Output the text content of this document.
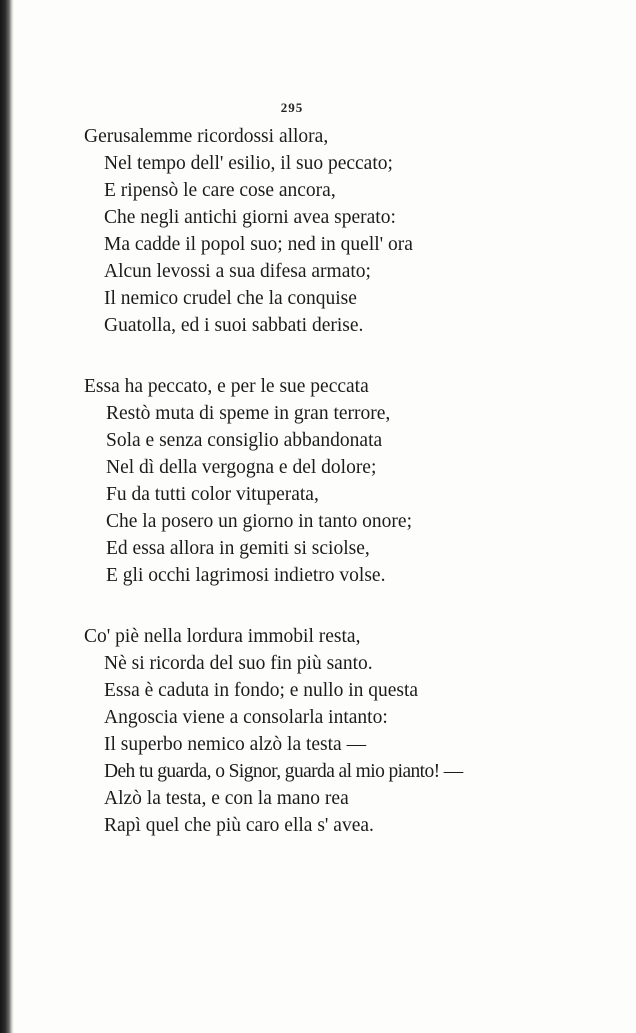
295
Gerusalemme ricordossi allora,
Nel tempo dell' esilio, il suo peccato;
E ripensò le care cose ancora,
Che negli antichi giorni avea sperato:
Ma cadde il popol suo; ned in quell' ora
Alcun levossi a sua difesa armato;
Il nemico crudel che la conquise
Guatolla, ed i suoi sabbati derise.
Essa ha peccato, e per le sue peccata
Restò muta di speme in gran terrore,
Sola e senza consiglio abbandonata
Nel dì della vergogna e del dolore;
Fu da tutti color vituperata,
Che la posero un giorno in tanto onore;
Ed essa allora in gemiti si sciolse,
E gli occhi lagrimosi indietro volse.
Co' piè nella lordura immobil resta,
Nè si ricorda del suo fin più santo.
Essa è caduta in fondo; e nullo in questa
Angoscia viene a consolarla intanto:
Il superbo nemico alzò la testa —
Deh tu guarda, o Signor, guarda al mio pianto! —
Alzò la testa, e con la mano rea
Rapì quel che più caro ella s' avea.
